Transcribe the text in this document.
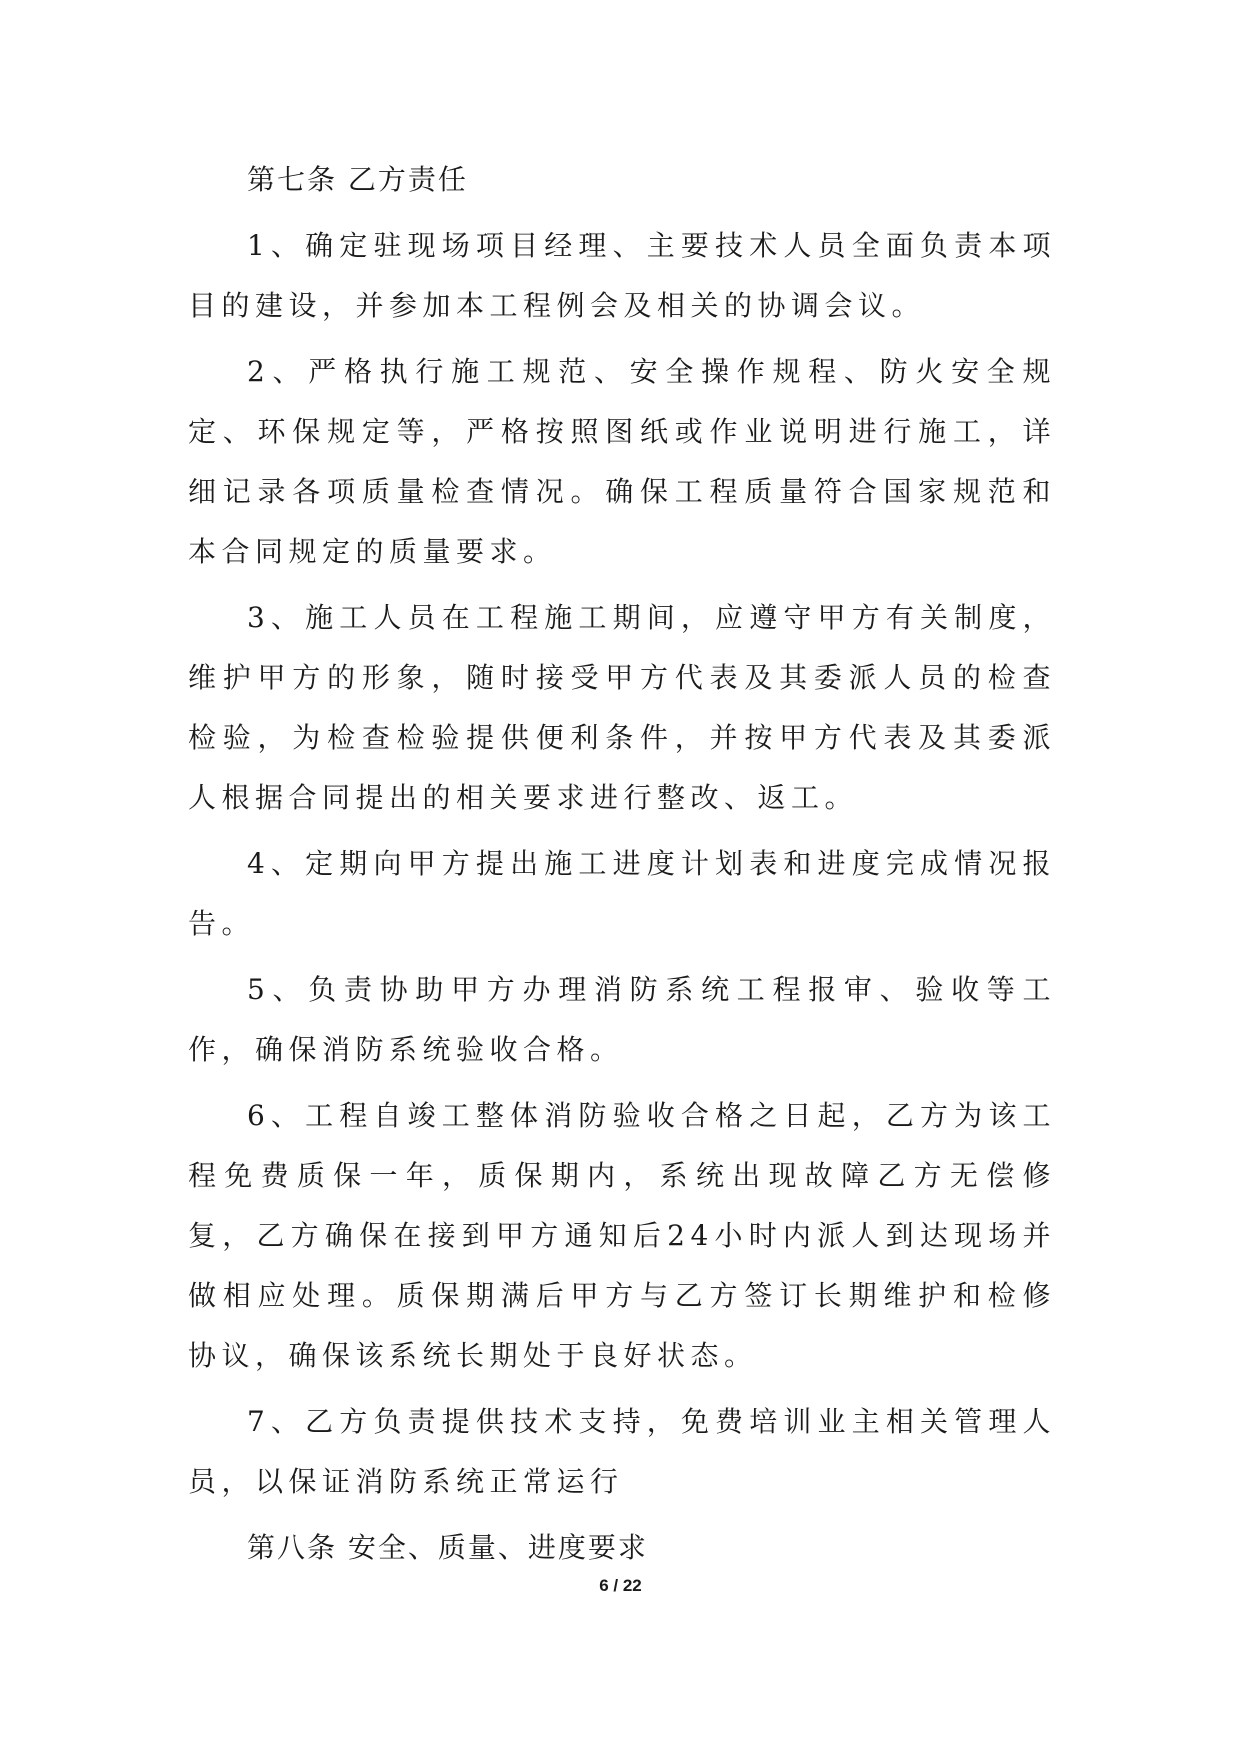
第七条 乙方责任

1、确定驻现场项目经理、主要技术人员全面负责本项目的建设，并参加本工程例会及相关的协调会议。

2、严格执行施工规范、安全操作规程、防火安全规定、环保规定等，严格按照图纸或作业说明进行施工，详细记录各项质量检查情况。确保工程质量符合国家规范和本合同规定的质量要求。

3、施工人员在工程施工期间，应遵守甲方有关制度，维护甲方的形象，随时接受甲方代表及其委派人员的检查检验，为检查检验提供便利条件，并按甲方代表及其委派人根据合同提出的相关要求进行整改、返工。

4、定期向甲方提出施工进度计划表和进度完成情况报告。

5、负责协助甲方办理消防系统工程报审、验收等工作，确保消防系统验收合格。

6、工程自竣工整体消防验收合格之日起，乙方为该工程免费质保一年，质保期内，系统出现故障乙方无偿修复，乙方确保在接到甲方通知后24小时内派人到达现场并做相应处理。质保期满后甲方与乙方签订长期维护和检修协议，确保该系统长期处于良好状态。

7、乙方负责提供技术支持，免费培训业主相关管理人员，以保证消防系统正常运行

第八条 安全、质量、进度要求

6 / 22
